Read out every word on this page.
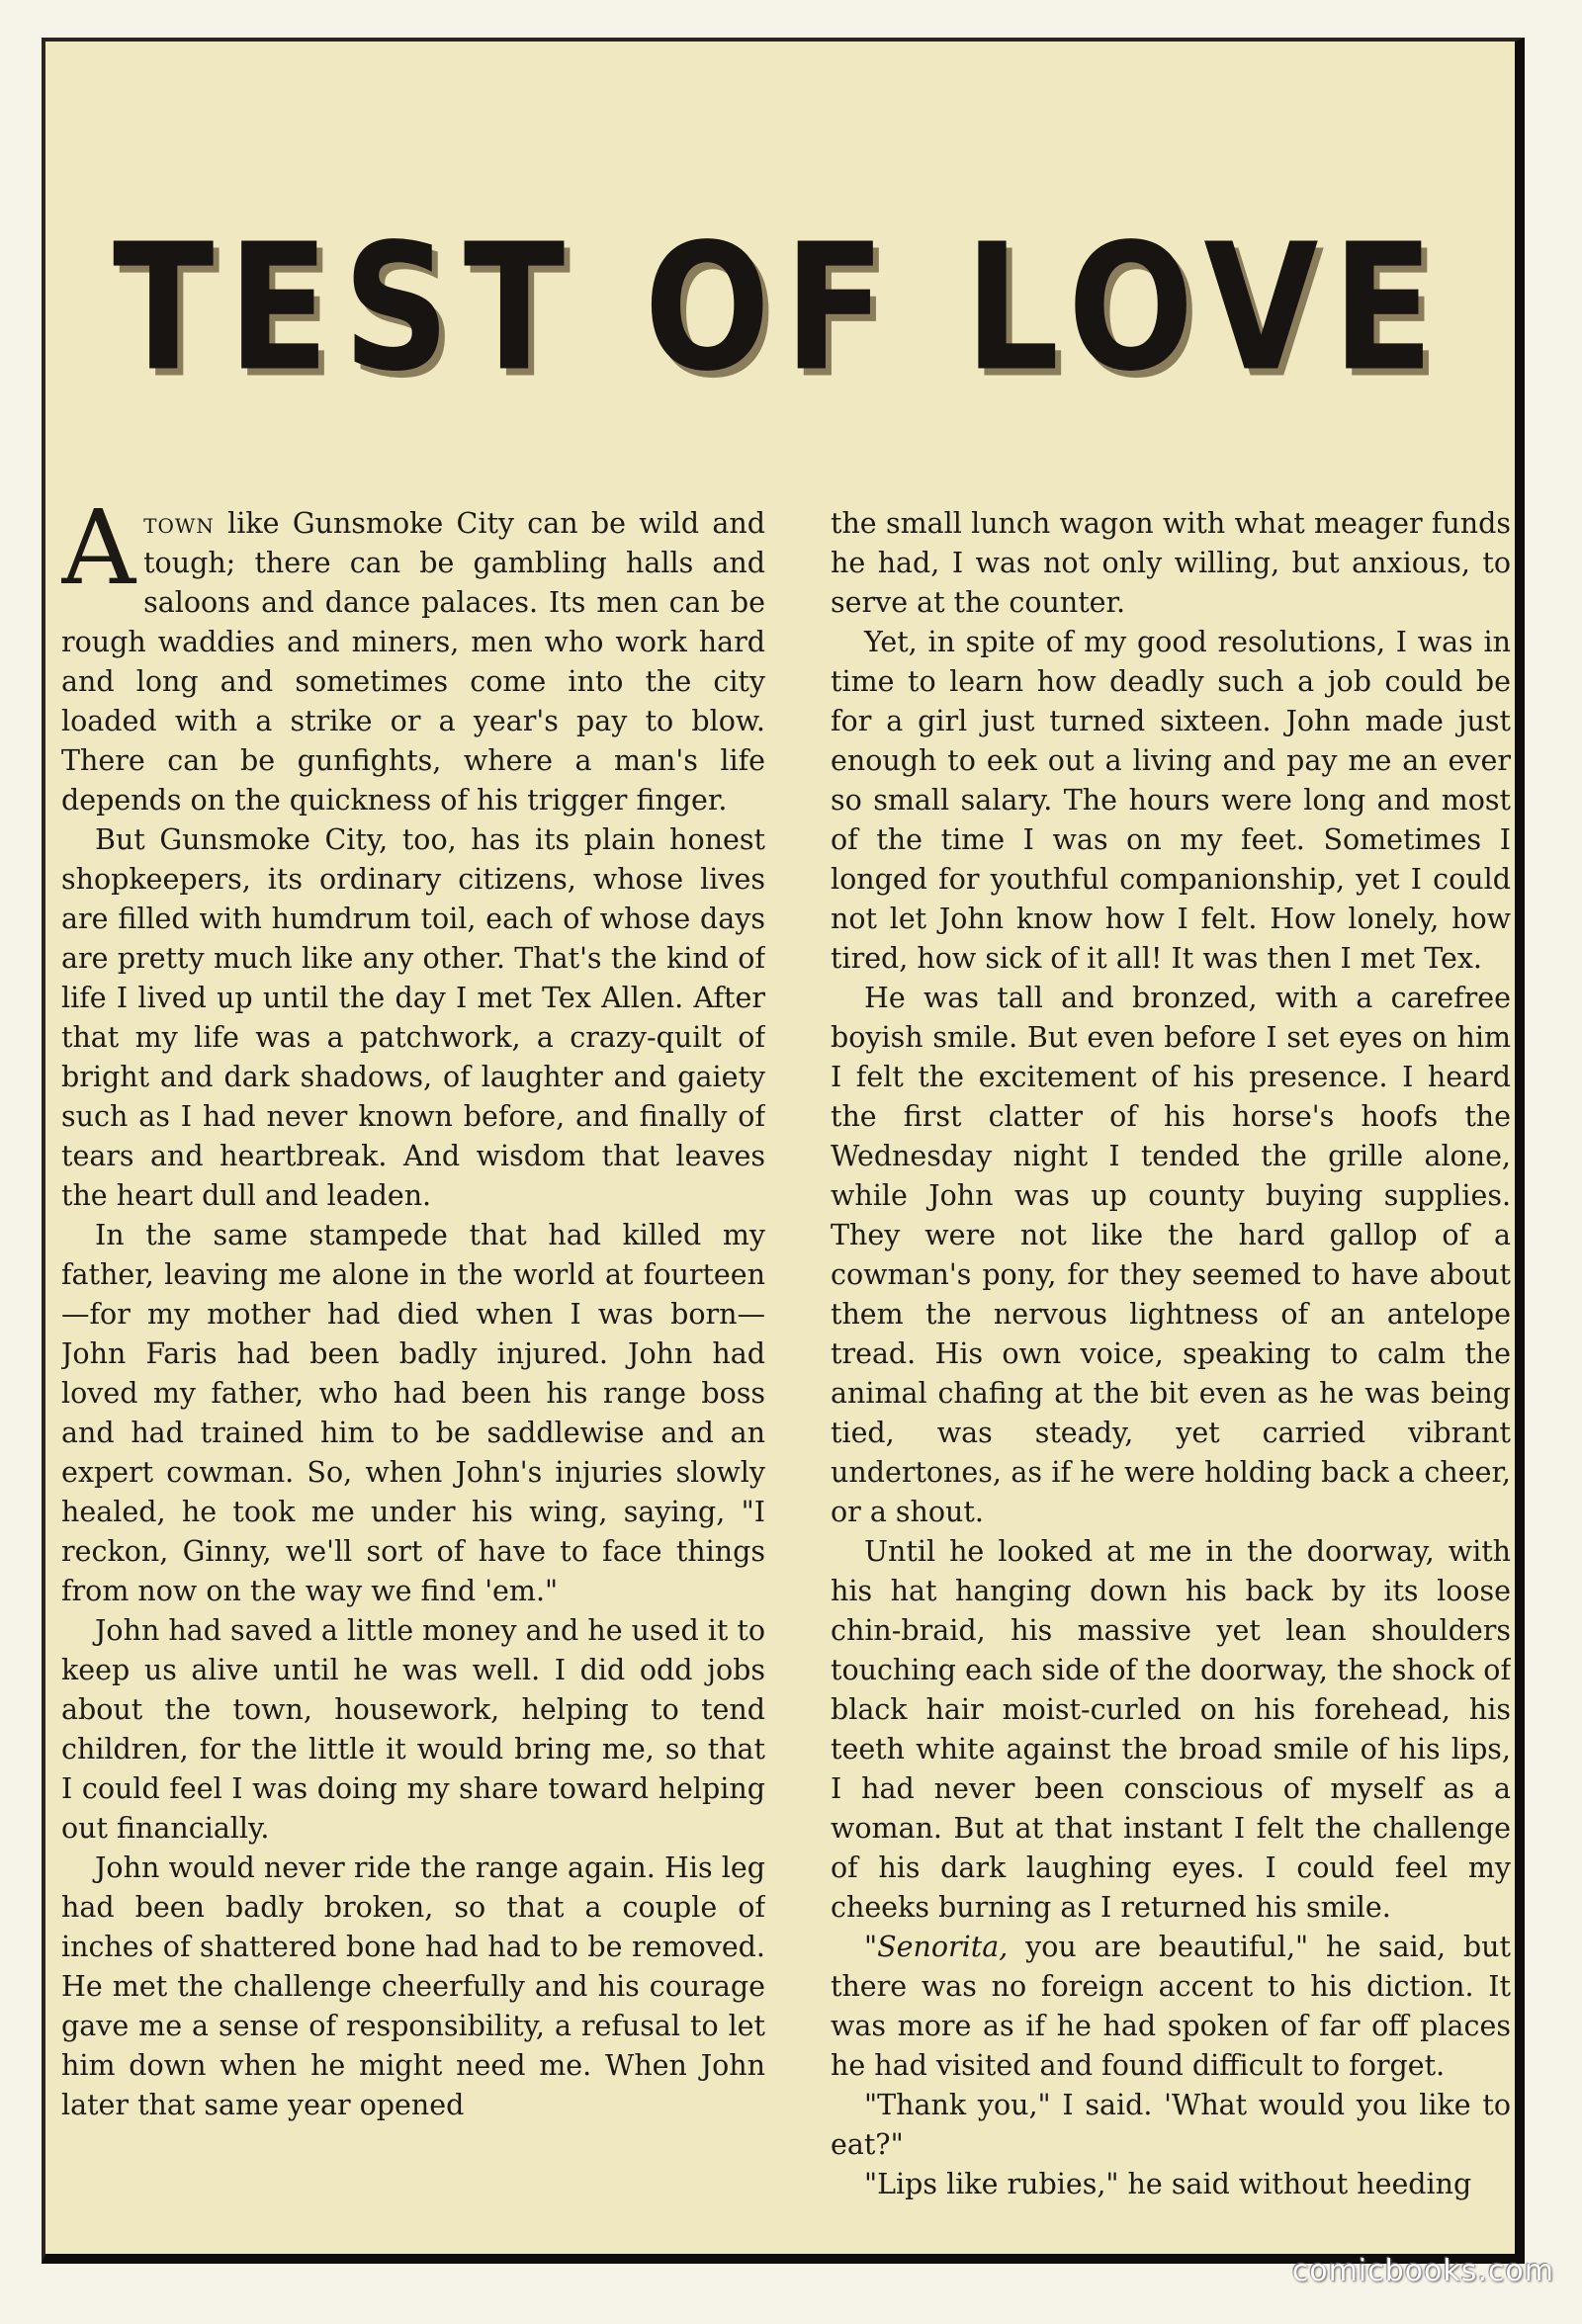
TEST OF LOVE

Atown like Gunsmoke City can be wild and tough; there can be gambling halls and saloons and dance palaces. Its men can be rough waddies and miners, men who work hard and long and sometimes come into the city loaded with a strike or a year's pay to blow. There can be gunfights, where a man's life depends on the quickness of his trigger finger.

But Gunsmoke City, too, has its plain honest shopkeepers, its ordinary citizens, whose lives are filled with humdrum toil, each of whose days are pretty much like any other. That's the kind of life I lived up until the day I met Tex Allen. After that my life was a patchwork, a crazy-quilt of bright and dark shadows, of laughter and gaiety such as I had never known before, and finally of tears and heartbreak. And wisdom that leaves the heart dull and leaden.

In the same stampede that had killed my father, leaving me alone in the world at fourteen—for my mother had died when I was born—John Faris had been badly injured. John had loved my father, who had been his range boss and had trained him to be saddlewise and an expert cowman. So, when John's injuries slowly healed, he took me under his wing, saying, "I reckon, Ginny, we'll sort of have to face things from now on the way we find 'em."

John had saved a little money and he used it to keep us alive until he was well. I did odd jobs about the town, housework, helping to tend children, for the little it would bring me, so that I could feel I was doing my share toward helping out financially.

John would never ride the range again. His leg had been badly broken, so that a couple of inches of shattered bone had had to be removed. He met the challenge cheerfully and his courage gave me a sense of responsibility, a refusal to let him down when he might need me. When John later that same year opened

the small lunch wagon with what meager funds he had, I was not only willing, but anxious, to serve at the counter.

Yet, in spite of my good resolutions, I was in time to learn how deadly such a job could be for a girl just turned sixteen. John made just enough to eek out a living and pay me an ever so small salary. The hours were long and most of the time I was on my feet. Sometimes I longed for youthful companionship, yet I could not let John know how I felt. How lonely, how tired, how sick of it all! It was then I met Tex.

He was tall and bronzed, with a carefree boyish smile. But even before I set eyes on him I felt the excitement of his presence. I heard the first clatter of his horse's hoofs the Wednesday night I tended the grille alone, while John was up county buying supplies. They were not like the hard gallop of a cowman's pony, for they seemed to have about them the nervous lightness of an antelope tread. His own voice, speaking to calm the animal chafing at the bit even as he was being tied, was steady, yet carried vibrant undertones, as if he were holding back a cheer, or a shout.

Until he looked at me in the doorway, with his hat hanging down his back by its loose chin-braid, his massive yet lean shoulders touching each side of the doorway, the shock of black hair moist-curled on his forehead, his teeth white against the broad smile of his lips, I had never been conscious of myself as a woman. But at that instant I felt the challenge of his dark laughing eyes. I could feel my cheeks burning as I returned his smile.

"Senorita, you are beautiful," he said, but there was no foreign accent to his diction. It was more as if he had spoken of far off places he had visited and found difficult to forget.

"Thank you," I said. 'What would you like to eat?"

"Lips like rubies," he said without heeding

comicbooks.com
